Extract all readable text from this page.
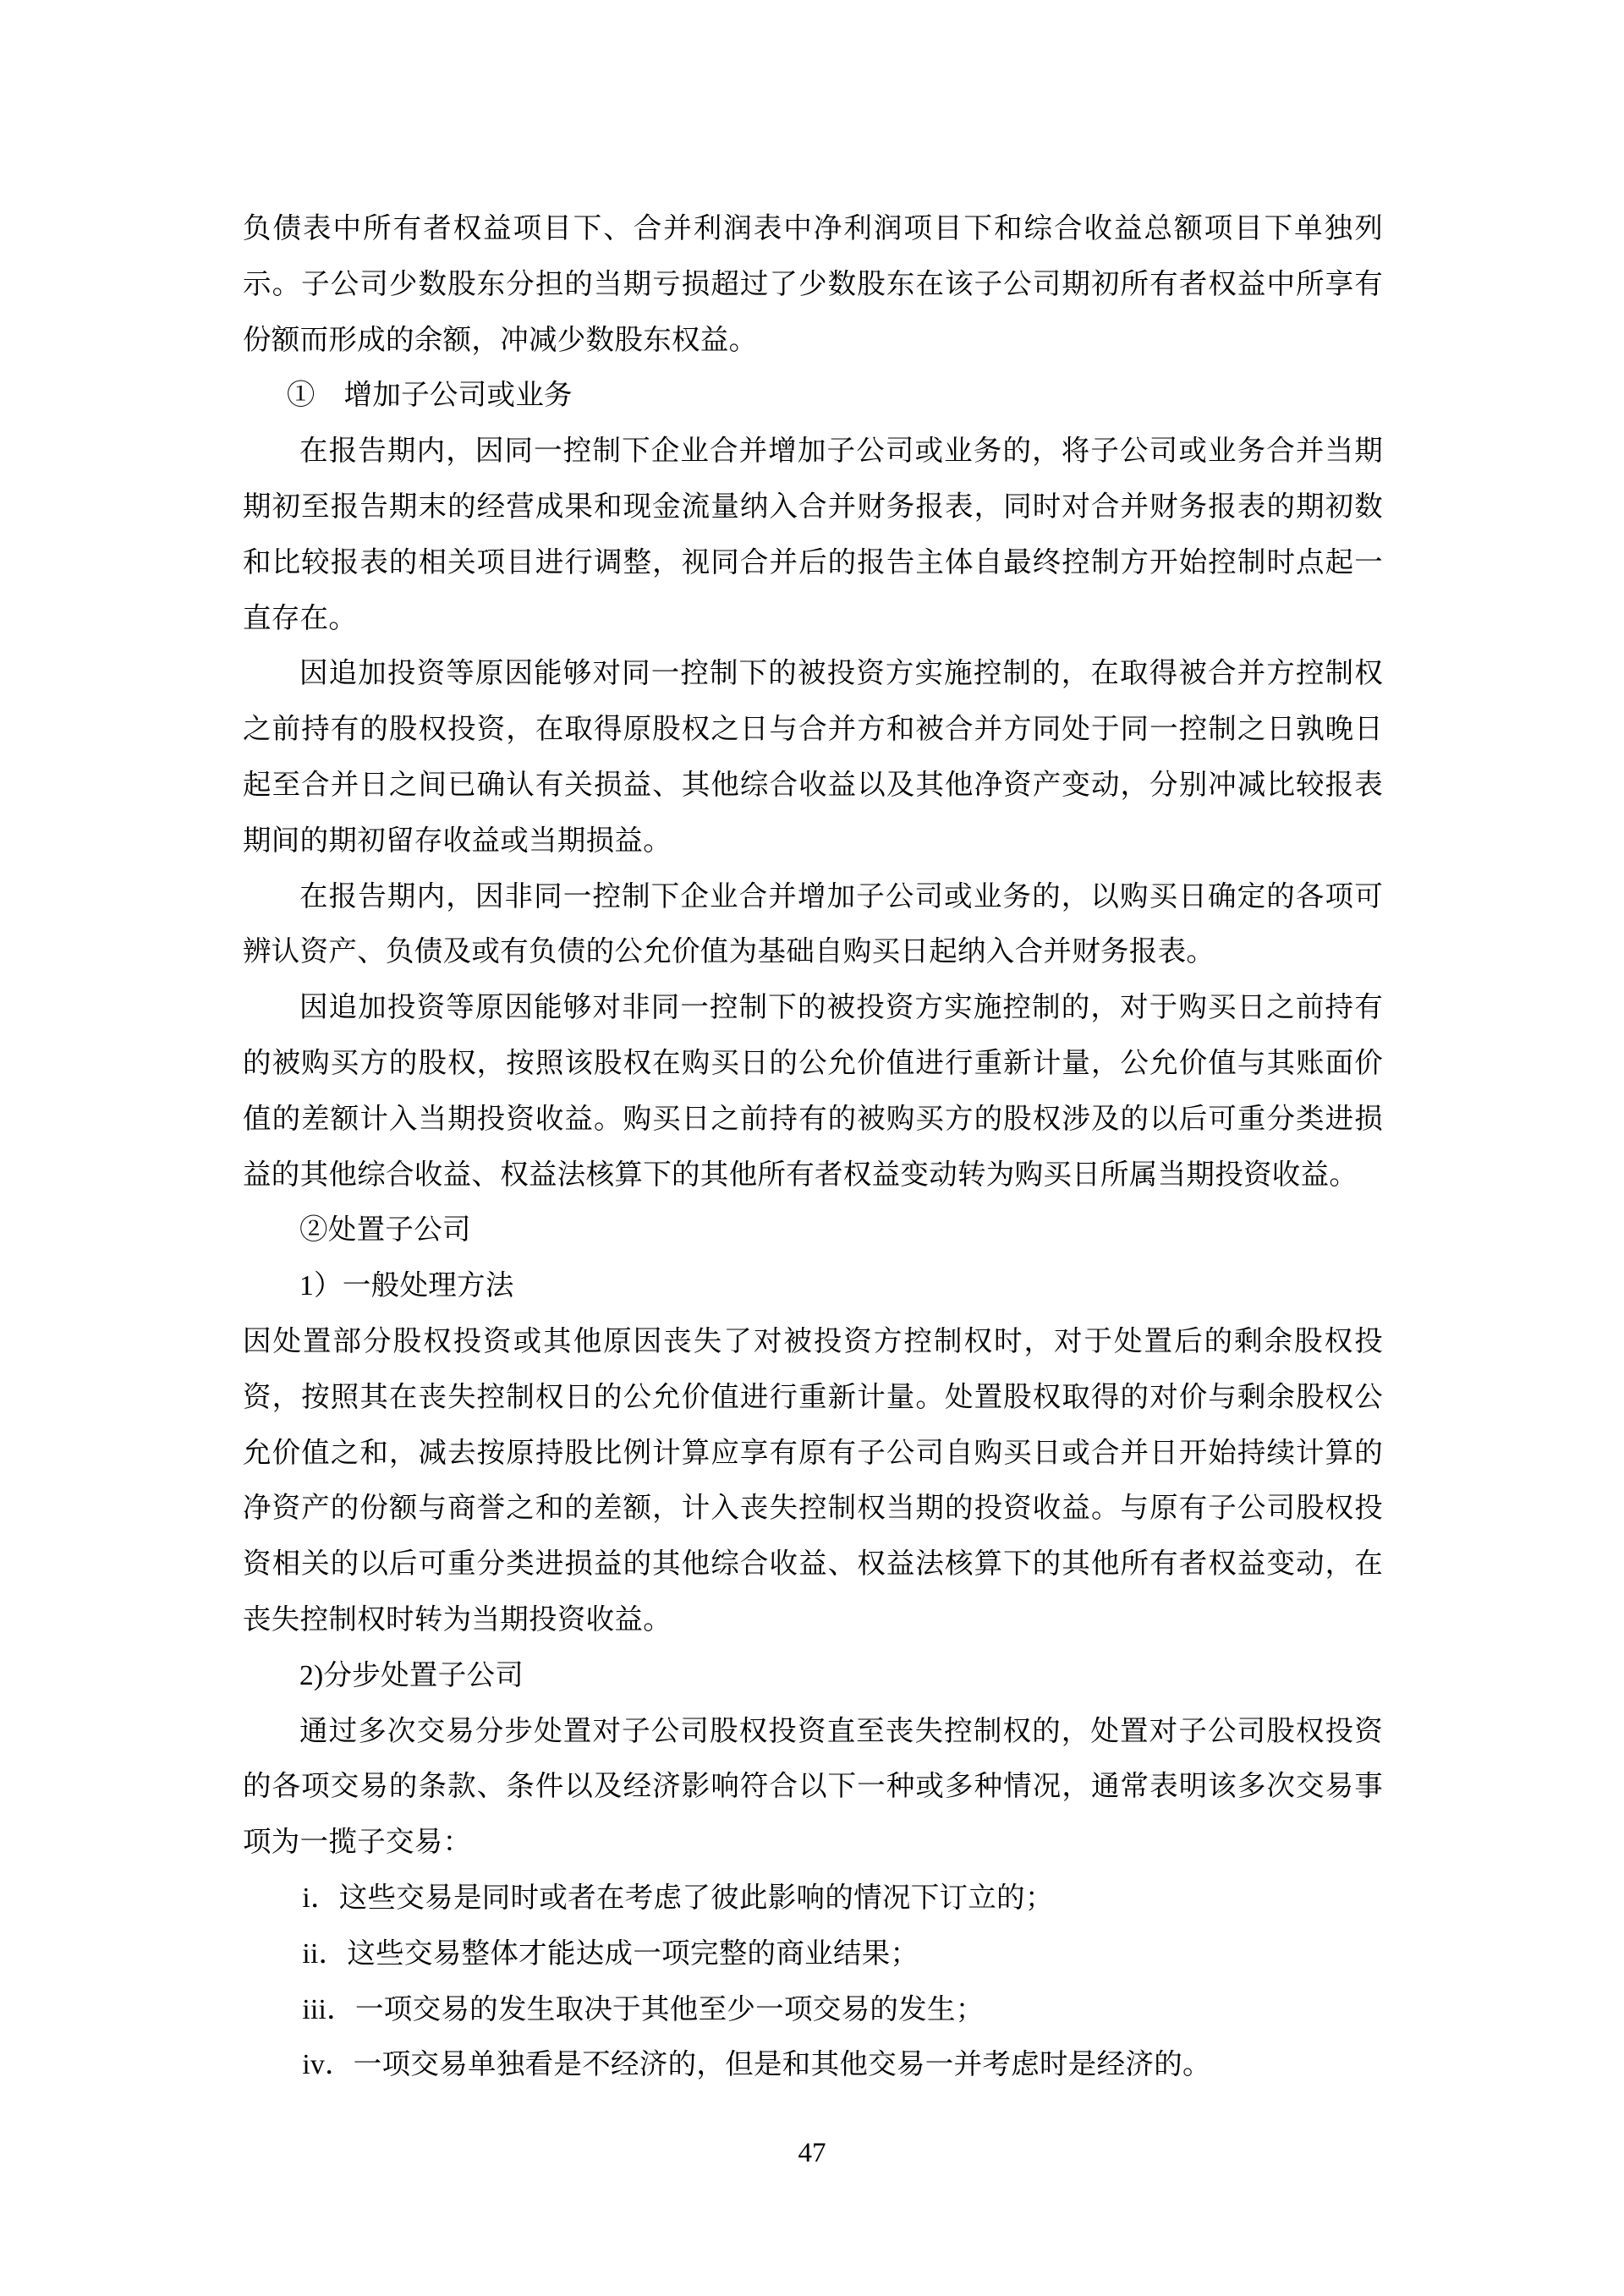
负债表中所有者权益项目下、合并利润表中净利润项目下和综合收益总额项目下单独列示。子公司少数股东分担的当期亏损超过了少数股东在该子公司期初所有者权益中所享有份额而形成的余额，冲减少数股东权益。

①　增加子公司或业务

在报告期内，因同一控制下企业合并增加子公司或业务的，将子公司或业务合并当期期初至报告期末的经营成果和现金流量纳入合并财务报表，同时对合并财务报表的期初数和比较报表的相关项目进行调整，视同合并后的报告主体自最终控制方开始控制时点起一直存在。

因追加投资等原因能够对同一控制下的被投资方实施控制的，在取得被合并方控制权之前持有的股权投资，在取得原股权之日与合并方和被合并方同处于同一控制之日孰晚日起至合并日之间已确认有关损益、其他综合收益以及其他净资产变动，分别冲减比较报表期间的期初留存收益或当期损益。

在报告期内，因非同一控制下企业合并增加子公司或业务的，以购买日确定的各项可辨认资产、负债及或有负债的公允价值为基础自购买日起纳入合并财务报表。

因追加投资等原因能够对非同一控制下的被投资方实施控制的，对于购买日之前持有的被购买方的股权，按照该股权在购买日的公允价值进行重新计量，公允价值与其账面价值的差额计入当期投资收益。购买日之前持有的被购买方的股权涉及的以后可重分类进损益的其他综合收益、权益法核算下的其他所有者权益变动转为购买日所属当期投资收益。

②处置子公司

1）一般处理方法

因处置部分股权投资或其他原因丧失了对被投资方控制权时，对于处置后的剩余股权投资，按照其在丧失控制权日的公允价值进行重新计量。处置股权取得的对价与剩余股权公允价值之和，减去按原持股比例计算应享有原有子公司自购买日或合并日开始持续计算的净资产的份额与商誉之和的差额，计入丧失控制权当期的投资收益。与原有子公司股权投资相关的以后可重分类进损益的其他综合收益、权益法核算下的其他所有者权益变动，在丧失控制权时转为当期投资收益。

2)分步处置子公司

通过多次交易分步处置对子公司股权投资直至丧失控制权的，处置对子公司股权投资的各项交易的条款、条件以及经济影响符合以下一种或多种情况，通常表明该多次交易事项为一揽子交易：

i．这些交易是同时或者在考虑了彼此影响的情况下订立的；

ii．这些交易整体才能达成一项完整的商业结果；

iii．一项交易的发生取决于其他至少一项交易的发生；

iv．一项交易单独看是不经济的，但是和其他交易一并考虑时是经济的。

47
